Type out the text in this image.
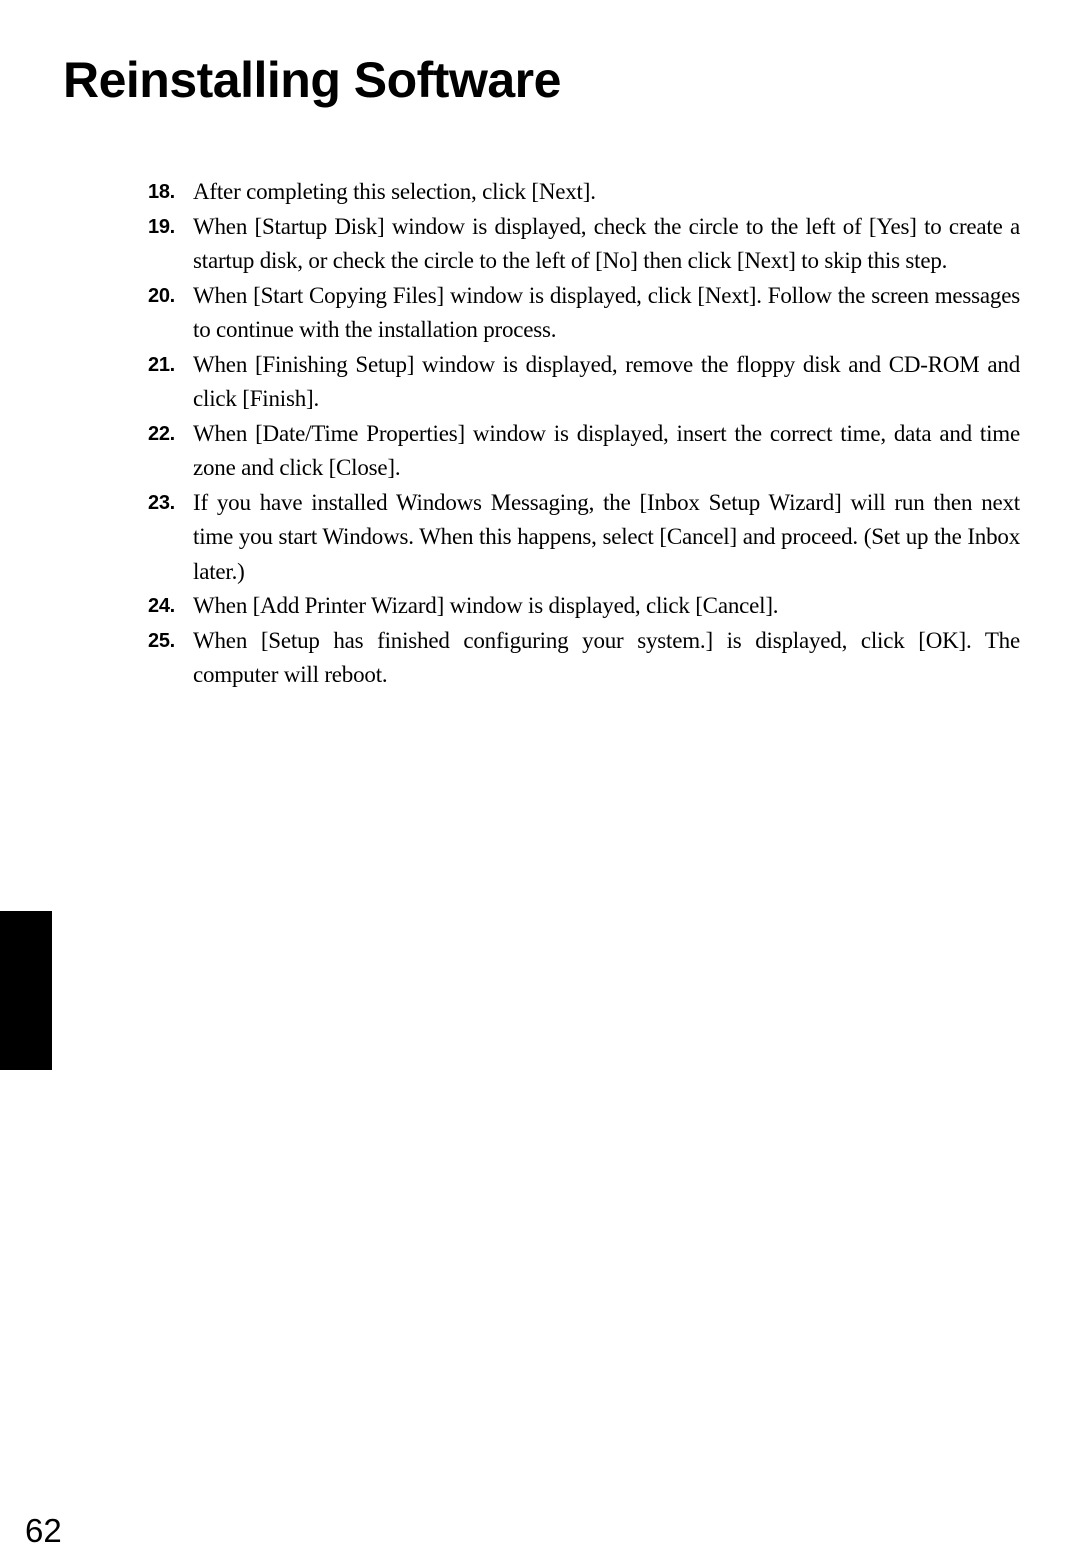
Reinstalling Software
18. After completing this selection, click [Next].
19. When [Startup Disk] window is displayed, check the circle to the left of [Yes] to create a startup disk, or check the circle to the left of [No] then click [Next] to skip this step.
20. When [Start Copying Files] window is displayed, click [Next]. Follow the screen messages to continue with the installation process.
21. When [Finishing Setup] window is displayed, remove the floppy disk and CD-ROM and click [Finish].
22. When [Date/Time Properties] window is displayed, insert the correct time, data and time zone and click [Close].
23. If you have installed Windows Messaging, the [Inbox Setup Wizard] will run then next time you start Windows. When this happens, select [Cancel] and proceed. (Set up the Inbox later.)
24. When [Add Printer Wizard] window is displayed, click [Cancel].
25. When [Setup has finished configuring your system.] is displayed, click [OK]. The computer will reboot.
62
